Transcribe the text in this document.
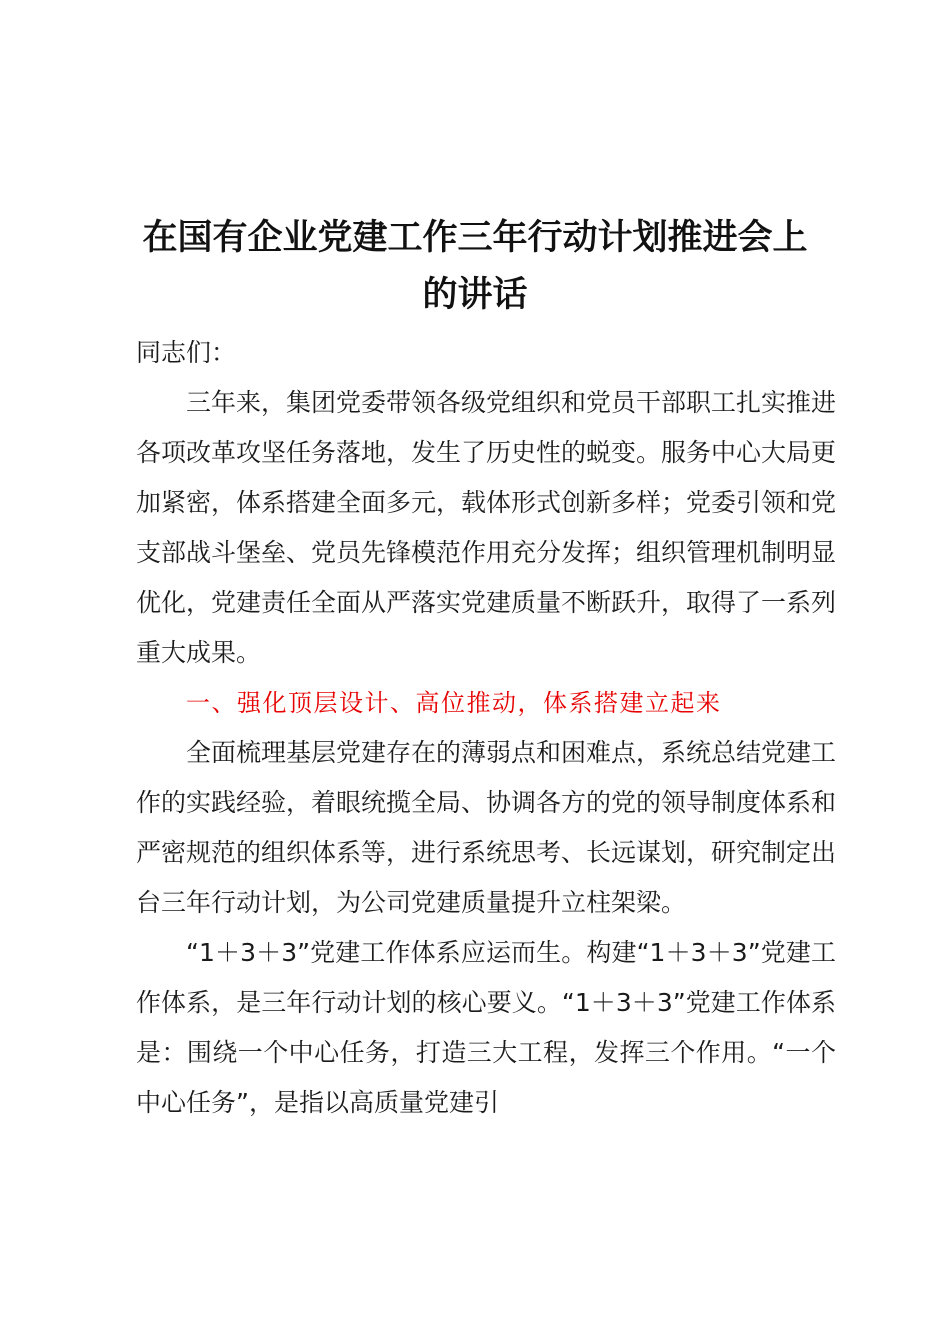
在国有企业党建工作三年行动计划推进会上
的讲话

同志们：

三年来，集团党委带领各级党组织和党员干部职工扎实推进各项改革攻坚任务落地，发生了历史性的蜕变。服务中心大局更加紧密，体系搭建全面多元，载体形式创新多样；党委引领和党支部战斗堡垒、党员先锋模范作用充分发挥；组织管理机制明显优化，党建责任全面从严落实党建质量不断跃升，取得了一系列重大成果。

一、强化顶层设计、高位推动，体系搭建立起来

全面梳理基层党建存在的薄弱点和困难点，系统总结党建工作的实践经验，着眼统揽全局、协调各方的党的领导制度体系和严密规范的组织体系等，进行系统思考、长远谋划，研究制定出台三年行动计划，为公司党建质量提升立柱架梁。

“1＋3＋3”党建工作体系应运而生。构建“1＋3＋3”党建工作体系，是三年行动计划的核心要义。“1＋3＋3”党建工作体系是：围绕一个中心任务，打造三大工程，发挥三个作用。“一个中心任务”，是指以高质量党建引
